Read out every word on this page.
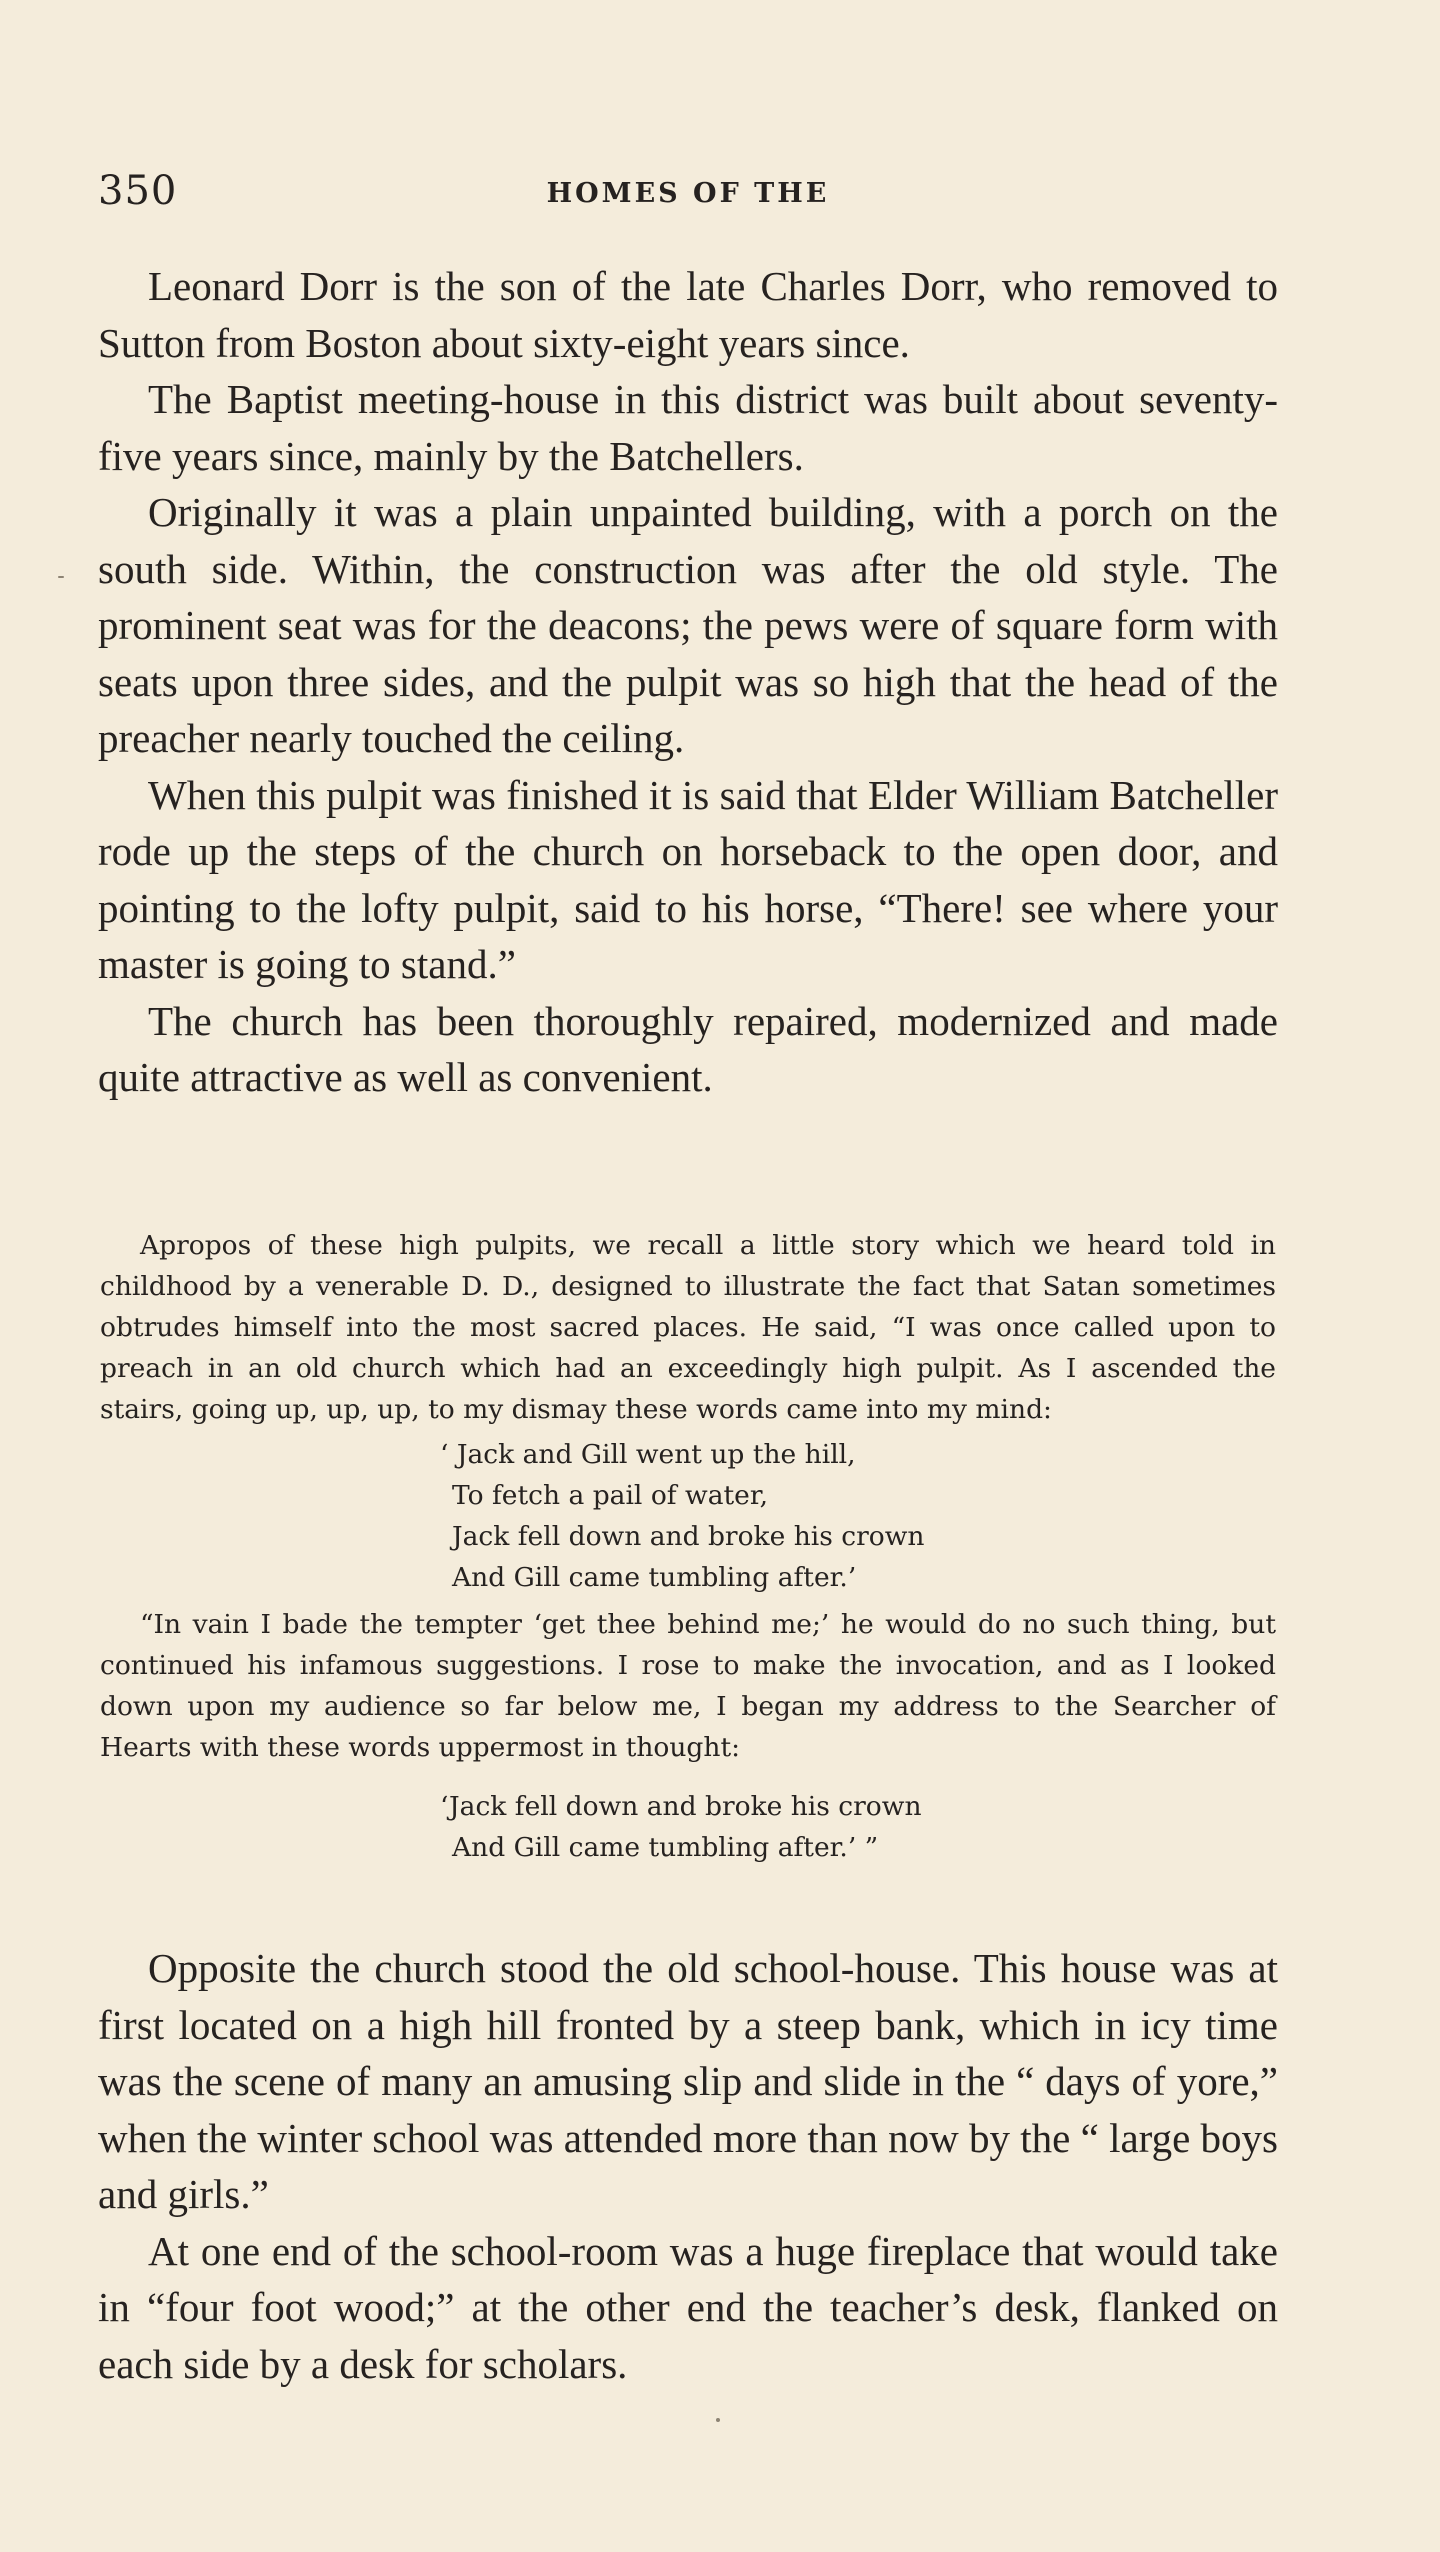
350	HOMES OF THE

Leonard Dorr is the son of the late Charles Dorr, who removed to Sutton from Boston about sixty-eight years since.

The Baptist meeting-house in this district was built about seventy-five years since, mainly by the Batchellers.

Originally it was a plain unpainted building, with a porch on the south side. Within, the construction was after the old style. The prominent seat was for the deacons; the pews were of square form with seats upon three sides, and the pulpit was so high that the head of the preacher nearly touched the ceiling.

When this pulpit was finished it is said that Elder William Batcheller rode up the steps of the church on horseback to the open door, and pointing to the lofty pulpit, said to his horse, “There! see where your master is going to stand.”

The church has been thoroughly repaired, modernized and made quite attractive as well as convenient.

Apropos of these high pulpits, we recall a little story which we heard told in childhood by a venerable D. D., designed to illustrate the fact that Satan sometimes obtrudes himself into the most sacred places. He said, “I was once called upon to preach in an old church which had an exceedingly high pulpit. As I ascended the stairs, going up, up, up, to my dismay these words came into my mind:

‘ Jack and Gill went up the hill,
To fetch a pail of water,
Jack fell down and broke his crown
And Gill came tumbling after.’

“In vain I bade the tempter ‘get thee behind me;’ he would do no such thing, but continued his infamous suggestions. I rose to make the invocation, and as I looked down upon my audience so far below me, I began my address to the Searcher of Hearts with these words uppermost in thought:

‘Jack fell down and broke his crown
And Gill came tumbling after.’ ”

Opposite the church stood the old school-house. This house was at first located on a high hill fronted by a steep bank, which in icy time was the scene of many an amusing slip and slide in the “ days of yore,” when the winter school was attended more than now by the “ large boys and girls.”

At one end of the school-room was a huge fireplace that would take in “four foot wood;” at the other end the teacher’s desk, flanked on each side by a desk for scholars.
